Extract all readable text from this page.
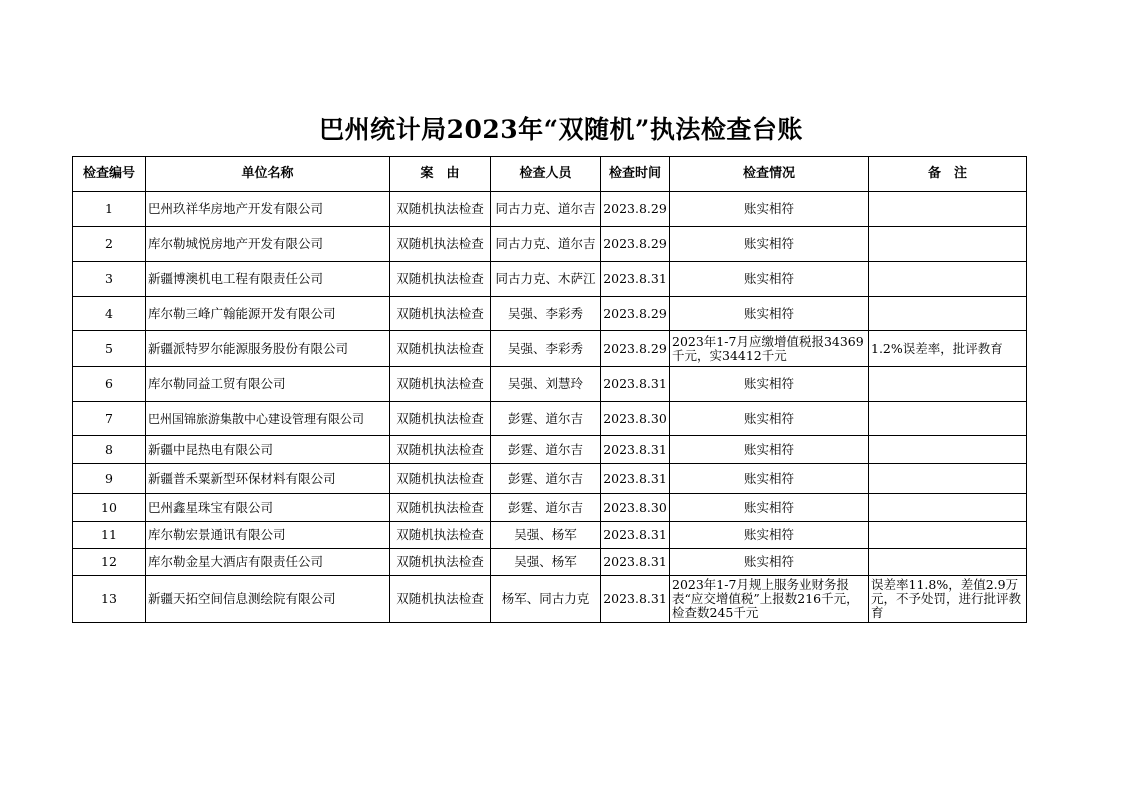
巴州统计局2023年“双随机”执法检查台账
检查编号	单位名称	案　由	检查人员	检查时间	检查情况	备　注
1	巴州玖祥华房地产开发有限公司	双随机执法检查	同古力克、道尔吉	2023.8.29	账实相符	
2	库尔勒城悦房地产开发有限公司	双随机执法检查	同古力克、道尔吉	2023.8.29	账实相符	
3	新疆博澳机电工程有限责任公司	双随机执法检查	同古力克、木萨江	2023.8.31	账实相符	
4	库尔勒三峰广翰能源开发有限公司	双随机执法检查	吴强、李彩秀	2023.8.29	账实相符	
5	新疆派特罗尔能源服务股份有限公司	双随机执法检查	吴强、李彩秀	2023.8.29	2023年1-7月应缴增值税报34369千元，实34412千元	1.2%误差率，批评教育
6	库尔勒同益工贸有限公司	双随机执法检查	吴强、刘慧玲	2023.8.31	账实相符	
7	巴州国锦旅游集散中心建设管理有限公司	双随机执法检查	彭霆、道尔吉	2023.8.30	账实相符	
8	新疆中昆热电有限公司	双随机执法检查	彭霆、道尔吉	2023.8.31	账实相符	
9	新疆普禾粟新型环保材料有限公司	双随机执法检查	彭霆、道尔吉	2023.8.31	账实相符	
10	巴州鑫星珠宝有限公司	双随机执法检查	彭霆、道尔吉	2023.8.30	账实相符	
11	库尔勒宏景通讯有限公司	双随机执法检查	吴强、杨军	2023.8.31	账实相符	
12	库尔勒金星大酒店有限责任公司	双随机执法检查	吴强、杨军	2023.8.31	账实相符	
13	新疆天拓空间信息测绘院有限公司	双随机执法检查	杨军、同古力克	2023.8.31	2023年1-7月规上服务业财务报表“应交增值税”上报数216千元，检查数245千元	误差率11.8%，差值2.9万元，不予处罚，进行批评教育
